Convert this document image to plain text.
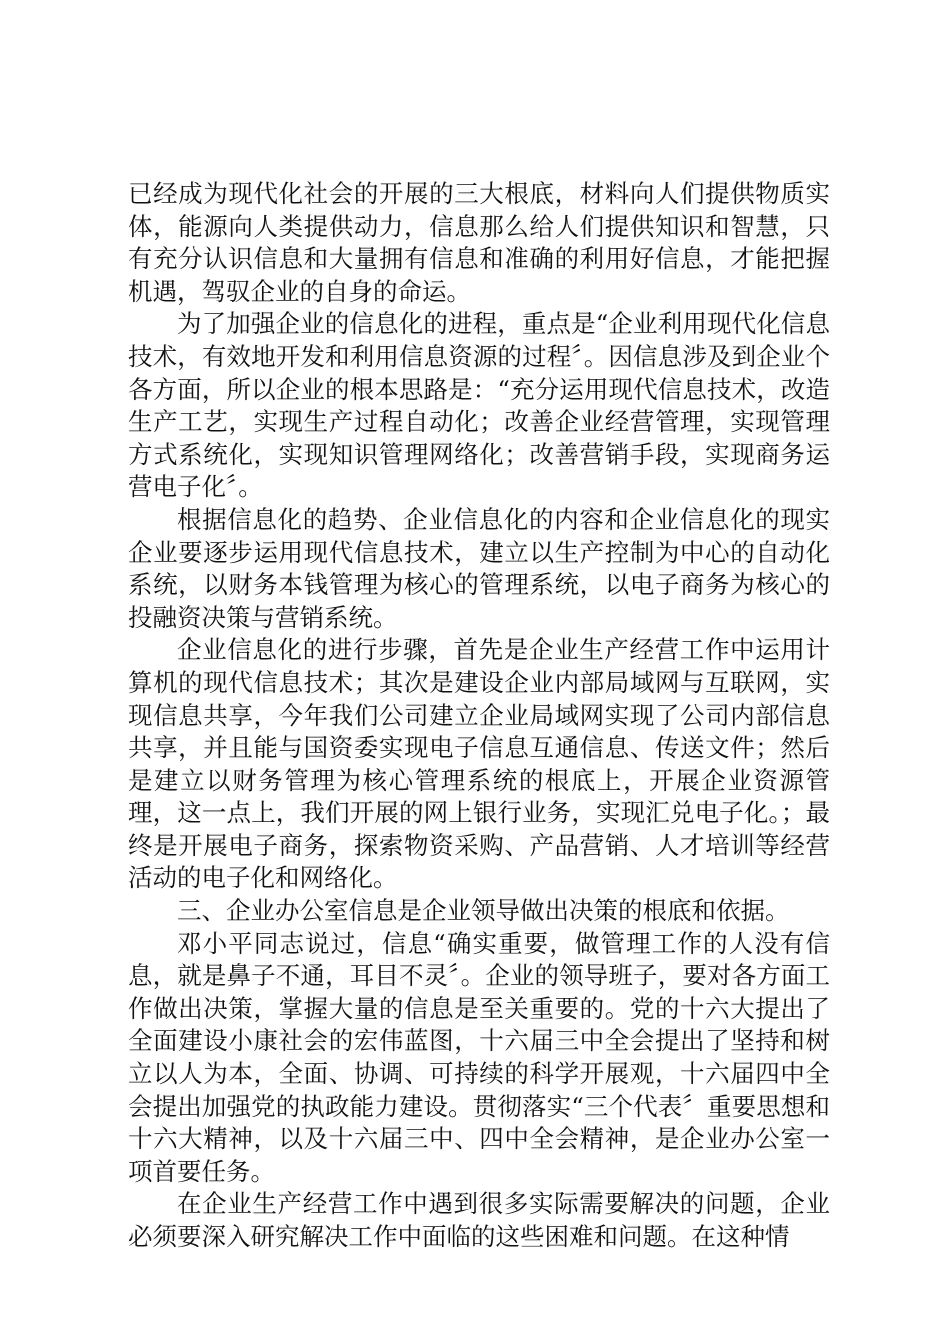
已经成为现代化社会的开展的三大根底，材料向人们提供物质实体，能源向人类提供动力，信息那么给人们提供知识和智慧，只有充分认识信息和大量拥有信息和准确的利用好信息，才能把握机遇，驾驭企业的自身的命运。

为了加强企业的信息化的进程，重点是“企业利用现代化信息技术，有效地开发和利用信息资源的过程〞。因信息涉及到企业个各方面，所以企业的根本思路是：“充分运用现代信息技术，改造生产工艺，实现生产过程自动化；改善企业经营管理，实现管理方式系统化，实现知识管理网络化；改善营销手段，实现商务运营电子化〞。

根据信息化的趋势、企业信息化的内容和企业信息化的现实企业要逐步运用现代信息技术，建立以生产控制为中心的自动化系统，以财务本钱管理为核心的管理系统，以电子商务为核心的投融资决策与营销系统。

企业信息化的进行步骤，首先是企业生产经营工作中运用计算机的现代信息技术；其次是建设企业内部局域网与互联网，实现信息共享，今年我们公司建立企业局域网实现了公司内部信息共享，并且能与国资委实现电子信息互通信息、传送文件；然后是建立以财务管理为核心管理系统的根底上，开展企业资源管理，这一点上，我们开展的网上银行业务，实现汇兑电子化。；最终是开展电子商务，探索物资采购、产品营销、人才培训等经营活动的电子化和网络化。

三、企业办公室信息是企业领导做出决策的根底和依据。

邓小平同志说过，信息“确实重要，做管理工作的人没有信息，就是鼻子不通，耳目不灵〞。企业的领导班子，要对各方面工作做出决策，掌握大量的信息是至关重要的。党的十六大提出了全面建设小康社会的宏伟蓝图，十六届三中全会提出了坚持和树立以人为本，全面、协调、可持续的科学开展观，十六届四中全会提出加强党的执政能力建设。贯彻落实“三个代表〞重要思想和十六大精神，以及十六届三中、四中全会精神，是企业办公室一项首要任务。

在企业生产经营工作中遇到很多实际需要解决的问题，企业必须要深入研究解决工作中面临的这些困难和问题。在这种情
